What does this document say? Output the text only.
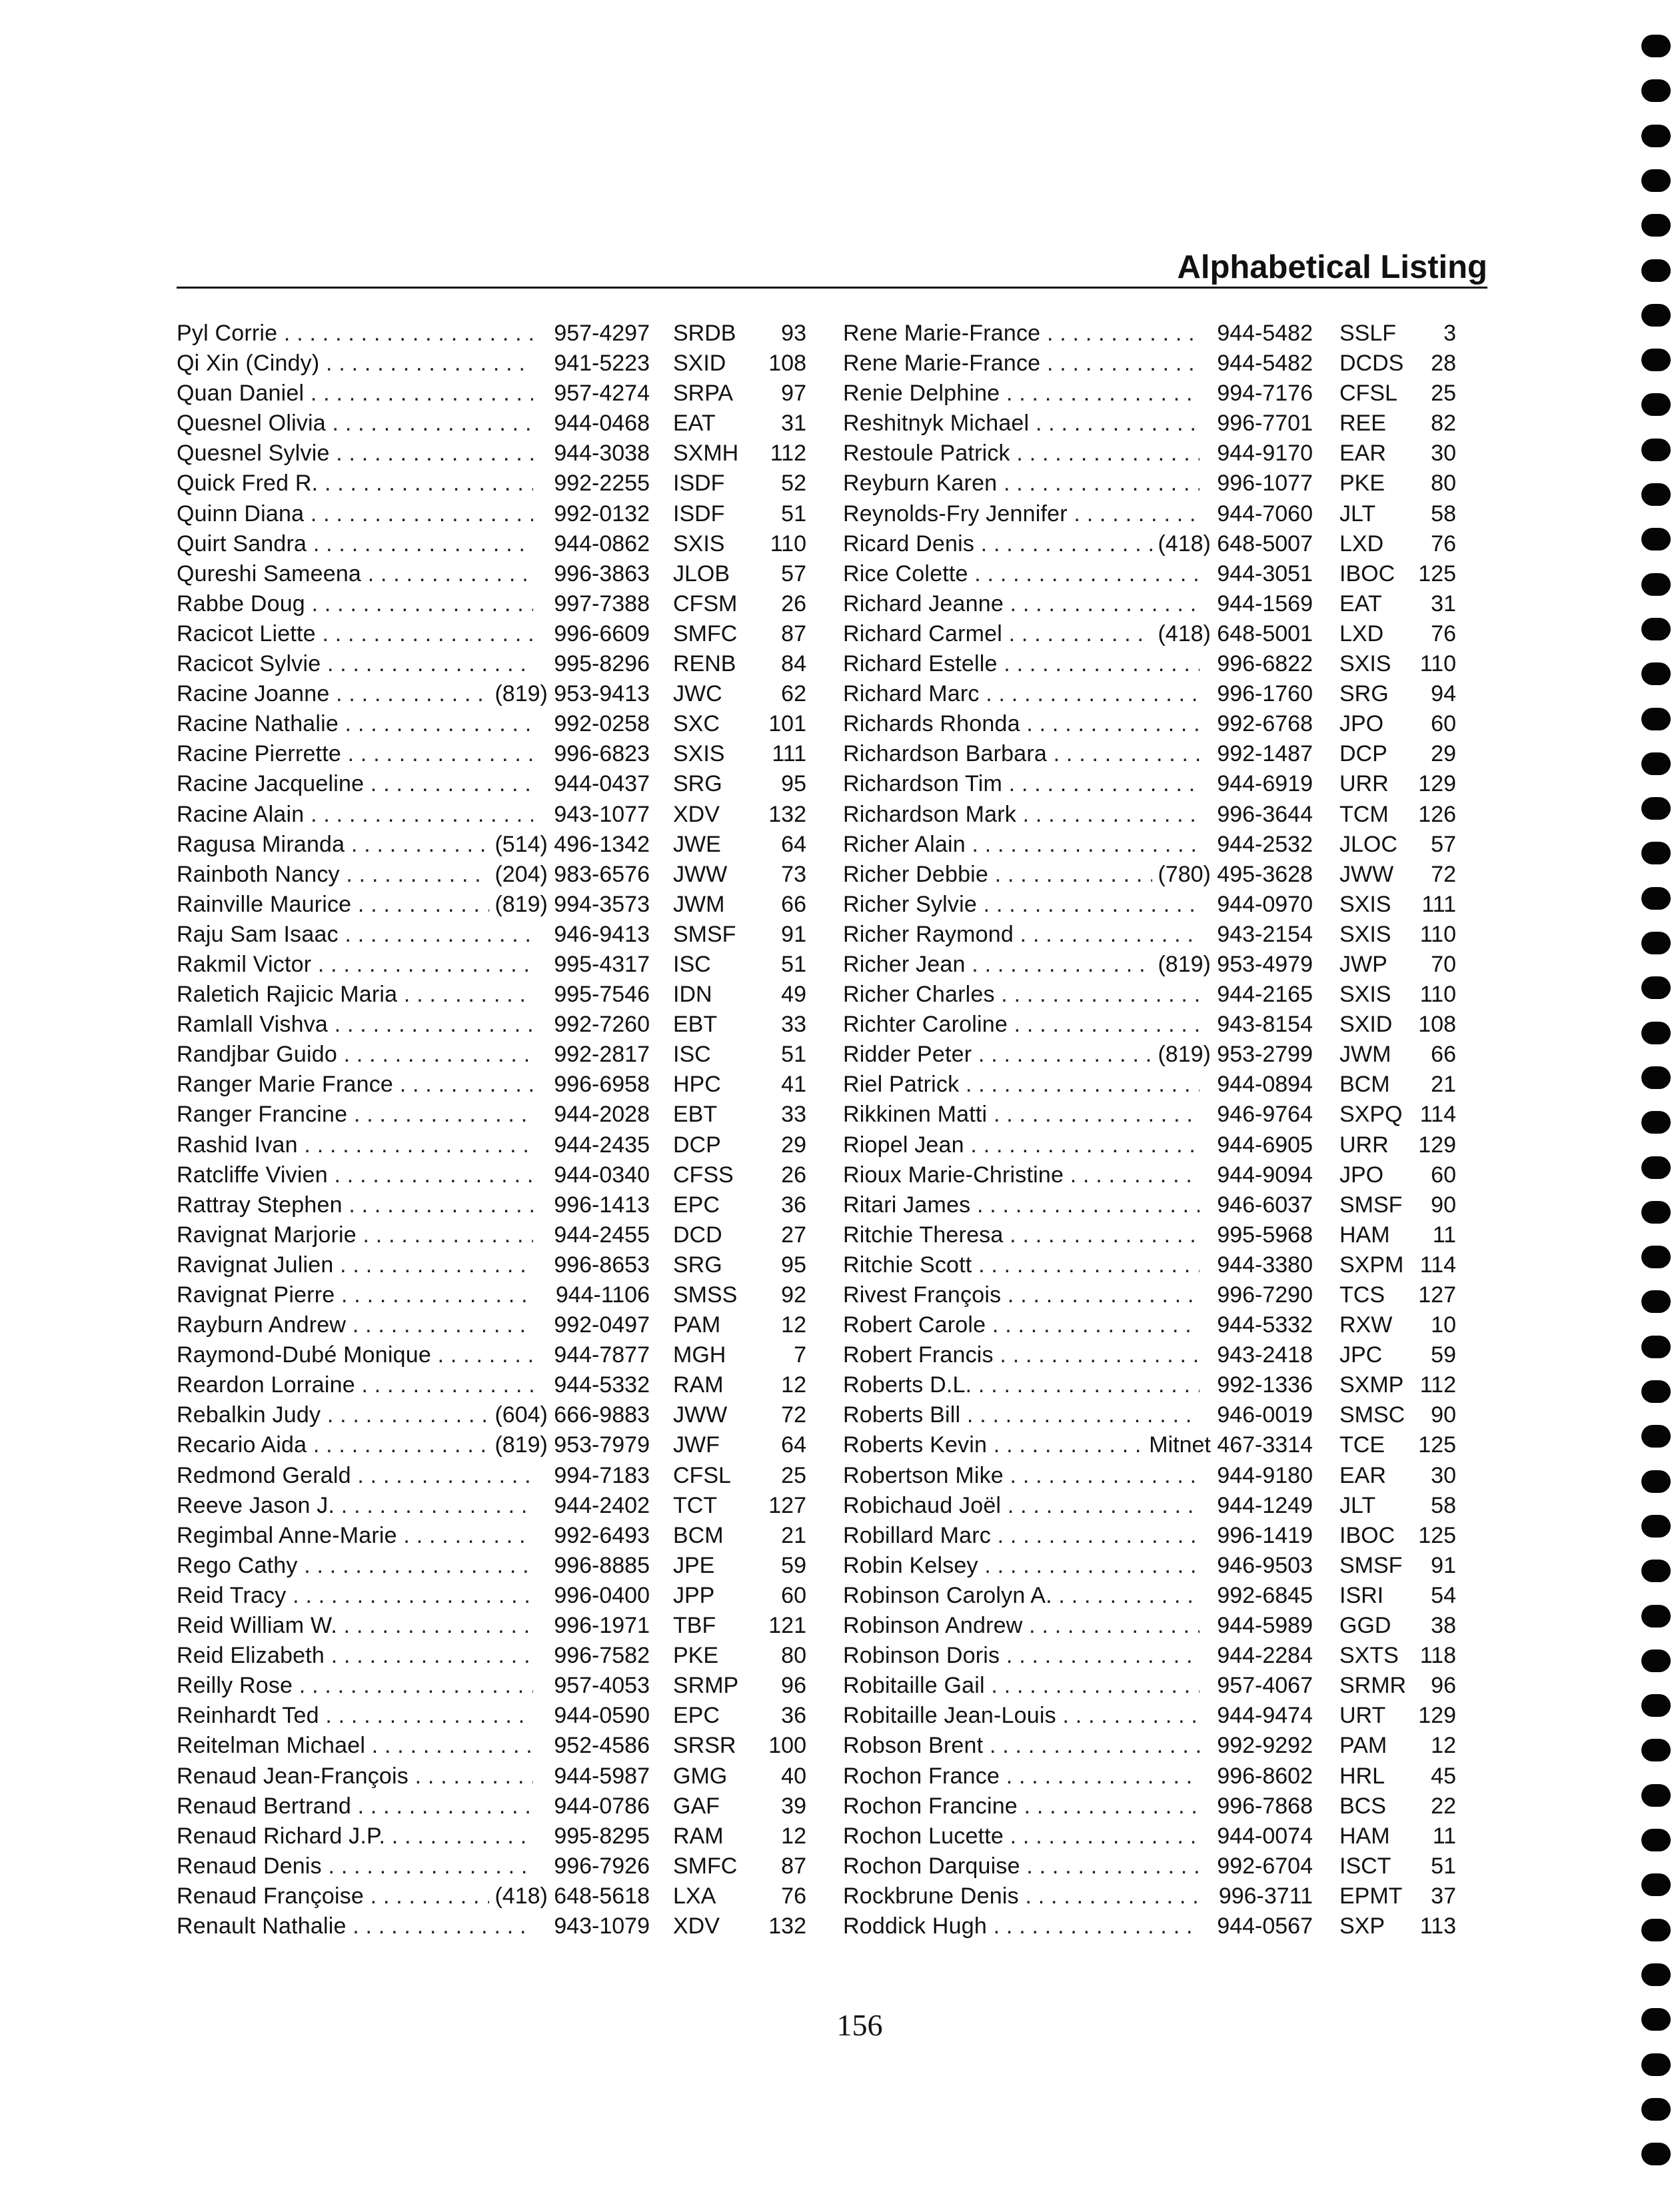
Alphabetical Listing
Pyl Corrie . . .	957-4297 SRDB	93
Qi Xin (Cindy) . . .	941-5223 SXID	108
Quan Daniel . . .	957-4274 SRPA	97
Quesnel Olivia . . .	944-0468 EAT	31
Quesnel Sylvie . . .	944-3038 SXMH	112
Quick Fred R. . . .	992-2255 ISDF	52
Quinn Diana . . .	992-0132 ISDF	51
Quirt Sandra . . .	944-0862 SXIS	110
Qureshi Sameena . . .	996-3863 JLOB	57
Rabbe Doug . . .	997-7388 CFSM	26
Racicot Liette . . .	996-6609 SMFC	87
Racicot Sylvie . . .	995-8296 RENB	84
Racine Joanne . . .	(819) 953-9413 JWC	62
Racine Nathalie . . .	992-0258 SXC	101
Racine Pierrette . . .	996-6823 SXIS	111
Racine Jacqueline . . .	944-0437 SRG	95
Racine Alain . . .	943-1077 XDV	132
Ragusa Miranda . . .	(514) 496-1342 JWE	64
Rainboth Nancy . . .	(204) 983-6576 JWW	73
Rainville Maurice . . .	(819) 994-3573 JWM	66
Raju Sam Isaac . . .	946-9413 SMSF	91
Rakmil Victor . . .	995-4317 ISC	51
Raletich Rajicic Maria . . .	995-7546 IDN	49
Ramlall Vishva . . .	992-7260 EBT	33
Randjbar Guido . . .	992-2817 ISC	51
Ranger Marie France . . .	996-6958 HPC	41
Ranger Francine . . .	944-2028 EBT	33
Rashid Ivan . . .	944-2435 DCP	29
Ratcliffe Vivien . . .	944-0340 CFSS	26
Rattray Stephen . . .	996-1413 EPC	36
Ravignat Marjorie . . .	944-2455 DCD	27
Ravignat Julien . . .	996-8653 SRG	95
Ravignat Pierre . . .	944-1106 SMSS	92
Rayburn Andrew . . .	992-0497 PAM	12
Raymond-Dubé Monique . . .	944-7877 MGH	7
Reardon Lorraine . . .	944-5332 RAM	12
Rebalkin Judy . . .	(604) 666-9883 JWW	72
Recario Aida . . .	(819) 953-7979 JWF	64
Redmond Gerald . . .	994-7183 CFSL	25
Reeve Jason J. . . .	944-2402 TCT	127
Regimbal Anne-Marie . . .	992-6493 BCM	21
Rego Cathy . . .	996-8885 JPE	59
Reid Tracy . . .	996-0400 JPP	60
Reid William W. . . .	996-1971 TBF	121
Reid Elizabeth . . .	996-7582 PKE	80
Reilly Rose . . .	957-4053 SRMP	96
Reinhardt Ted . . .	944-0590 EPC	36
Reitelman Michael . . .	952-4586 SRSR	100
Renaud Jean-François . . .	944-5987 GMG	40
Renaud Bertrand . . .	944-0786 GAF	39
Renaud Richard J.P. . . .	995-8295 RAM	12
Renaud Denis . . .	996-7926 SMFC	87
Renaud Françoise . . .	(418) 648-5618 LXA	76
Renault Nathalie . . .	943-1079 XDV	132
Rene Marie-France . . .	944-5482 SSLF	3
Rene Marie-France . . .	944-5482 DCDS	28
Renie Delphine . . .	994-7176 CFSL	25
Reshitnyk Michael . . .	996-7701 REE	82
Restoule Patrick . . .	944-9170 EAR	30
Reyburn Karen . . .	996-1077 PKE	80
Reynolds-Fry Jennifer . . .	944-7060 JLT	58
Ricard Denis . . .	(418) 648-5007 LXD	76
Rice Colette . . .	944-3051 IBOC	125
Richard Jeanne . . .	944-1569 EAT	31
Richard Carmel . . .	(418) 648-5001 LXD	76
Richard Estelle . . .	996-6822 SXIS	110
Richard Marc . . .	996-1760 SRG	94
Richards Rhonda . . .	992-6768 JPO	60
Richardson Barbara . . .	992-1487 DCP	29
Richardson Tim . . .	944-6919 URR	129
Richardson Mark . . .	996-3644 TCM	126
Richer Alain . . .	944-2532 JLOC	57
Richer Debbie . . .	(780) 495-3628 JWW	72
Richer Sylvie . . .	944-0970 SXIS	111
Richer Raymond . . .	943-2154 SXIS	110
Richer Jean . . .	(819) 953-4979 JWP	70
Richer Charles . . .	944-2165 SXIS	110
Richter Caroline . . .	943-8154 SXID	108
Ridder Peter . . .	(819) 953-2799 JWM	66
Riel Patrick . . .	944-0894 BCM	21
Rikkinen Matti . . .	946-9764 SXPQ 114
Riopel Jean . . .	944-6905 URR	129
Rioux Marie-Christine . . .	944-9094 JPO	60
Ritari James . . .	946-6037 SMSF	90
Ritchie Theresa . . .	995-5968 HAM	11
Ritchie Scott . . .	944-3380 SXPM 114
Rivest François . . .	996-7290 TCS	127
Robert Carole . . .	944-5332 RXW	10
Robert Francis . . .	943-2418 JPC	59
Roberts D.L. . . .	992-1336 SXMP 112
Roberts Bill . . .	946-0019 SMSC	90
Roberts Kevin . . .	Mitnet 467-3314 TCE	125
Robertson Mike . . .	944-9180 EAR	30
Robichaud Joël . . .	944-1249 JLT	58
Robillard Marc . . .	996-1419 IBOC	125
Robin Kelsey . . .	946-9503 SMSF	91
Robinson Carolyn A. . . .	992-6845 ISRI	54
Robinson Andrew . . .	944-5989 GGD	38
Robinson Doris . . .	944-2284 SXTS 118
Robitaille Gail . . .	957-4067 SRMR	96
Robitaille Jean-Louis . . .	944-9474 URT	129
Robson Brent . . .	992-9292 PAM	12
Rochon France . . .	996-8602 HRL	45
Rochon Francine . . .	996-7868 BCS	22
Rochon Lucette . . .	944-0074 HAM	11
Rochon Darquise . . .	992-6704 ISCT	51
Rockbrune Denis . . .	996-3711 EPMT	37
Roddick Hugh . . .	944-0567 SXP	113
156
